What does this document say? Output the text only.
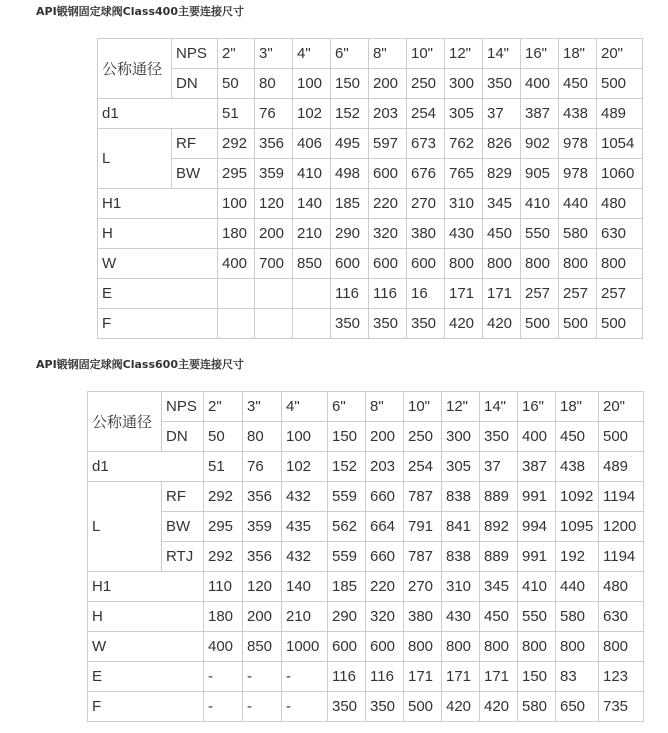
API锻钢固定球阀Class400主要连接尺寸
公称通径	NPS	2"	3"	4"	6"	8"	10"	12"	14"	16"	18"	20"
	DN	50	80	100	150	200	250	300	350	400	450	500
d1		51	76	102	152	203	254	305	37	387	438	489
L	RF	292	356	406	495	597	673	762	826	902	978	1054
	BW	295	359	410	498	600	676	765	829	905	978	1060
H1		100	120	140	185	220	270	310	345	410	440	480
H		180	200	210	290	320	380	430	450	550	580	630
W		400	700	850	600	600	600	800	800	800	800	800
E					116	116	16	171	171	257	257	257
F					350	350	350	420	420	500	500	500
API锻钢固定球阀Class600主要连接尺寸
公称通径	NPS	2"	3"	4"	6"	8"	10"	12"	14"	16"	18"	20"
	DN	50	80	100	150	200	250	300	350	400	450	500
d1		51	76	102	152	203	254	305	37	387	438	489
L	RF	292	356	432	559	660	787	838	889	991	1092	1194
	BW	295	359	435	562	664	791	841	892	994	1095	1200
	RTJ	292	356	432	559	660	787	838	889	991	192	1194
H1		110	120	140	185	220	270	310	345	410	440	480
H		180	200	210	290	320	380	430	450	550	580	630
W		400	850	1000	600	600	800	800	800	800	800	800
E		-	-	-	116	116	171	171	171	150	83	123
F		-	-	-	350	350	500	420	420	580	650	735
